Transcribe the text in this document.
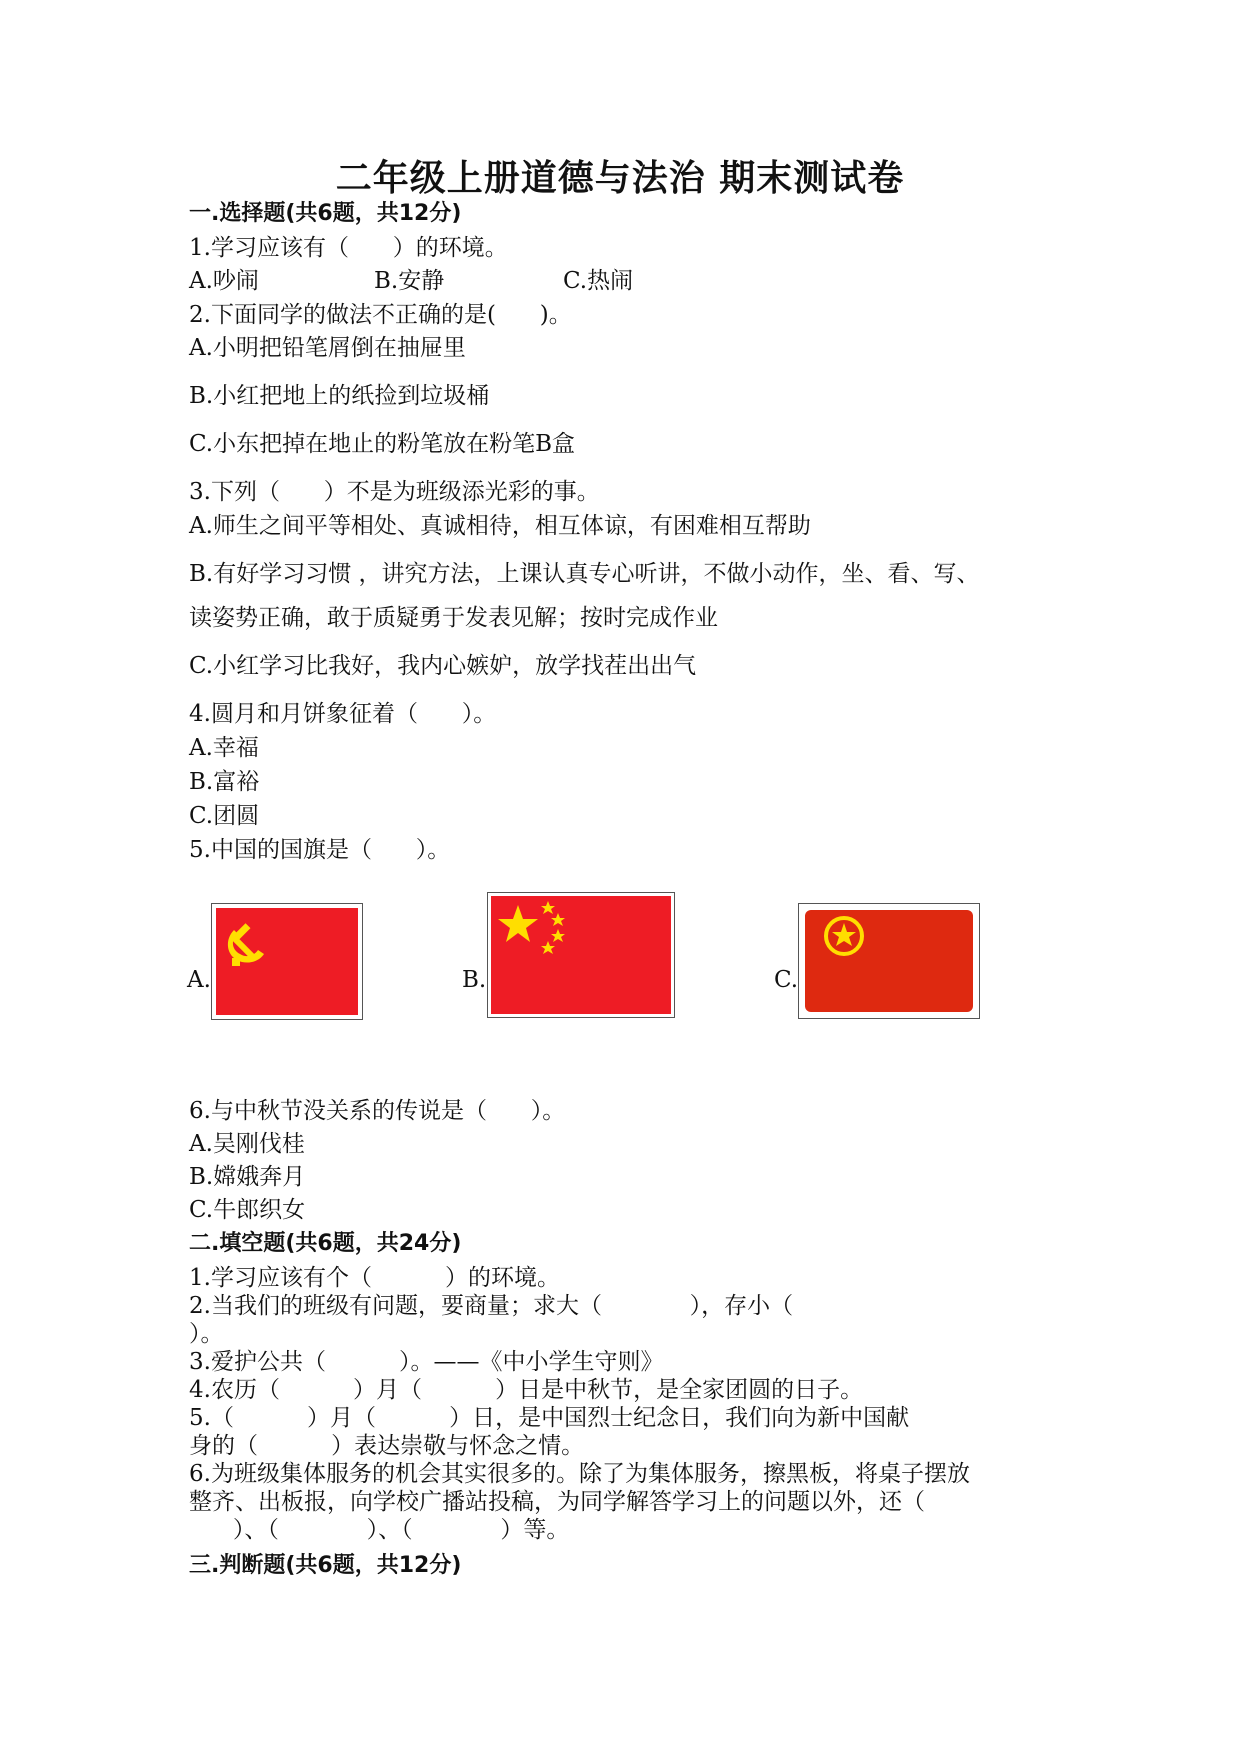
二年级上册道德与法治 期末测试卷
一.选择题(共6题，共12分)
1.学习应该有（      ）的环境。
A.吵闹	B.安静	C.热闹
2.下面同学的做法不正确的是(      )。
A.小明把铅笔屑倒在抽屉里
B.小红把地上的纸捡到垃圾桶
C.小东把掉在地止的粉笔放在粉笔B盒
3.下列（      ）不是为班级添光彩的事。
A.师生之间平等相处、真诚相待，相互体谅，有困难相互帮助
B.有好学习习惯 ，讲究方法，上课认真专心听讲，不做小动作，坐、看、写、
读姿势正确，敢于质疑勇于发表见解；按时完成作业
C.小红学习比我好，我内心嫉妒，放学找茬出出气
4.圆月和月饼象征着（      ）。
A.幸福
B.富裕
C.团圆
5.中国的国旗是（      ）。
A.	B.	C.
6.与中秋节没关系的传说是（      ）。
A.吴刚伐桂
B.嫦娥奔月
C.牛郎织女
二.填空题(共6题，共24分)
1.学习应该有个（          ）的环境。
2.当我们的班级有问题，要商量；求大（            ），存小（
）。
3.爱护公共（          ）。——《中小学生守则》
4.农历（          ）月（          ）日是中秋节，是全家团圆的日子。
5.（          ）月（          ）日，是中国烈士纪念日，我们向为新中国献
身的（          ）表达崇敬与怀念之情。
6.为班级集体服务的机会其实很多的。除了为集体服务，擦黑板，将桌子摆放
整齐、出板报，向学校广播站投稿，为同学解答学习上的问题以外，还（
）、（            ）、（            ）等。
三.判断题(共6题，共12分)
